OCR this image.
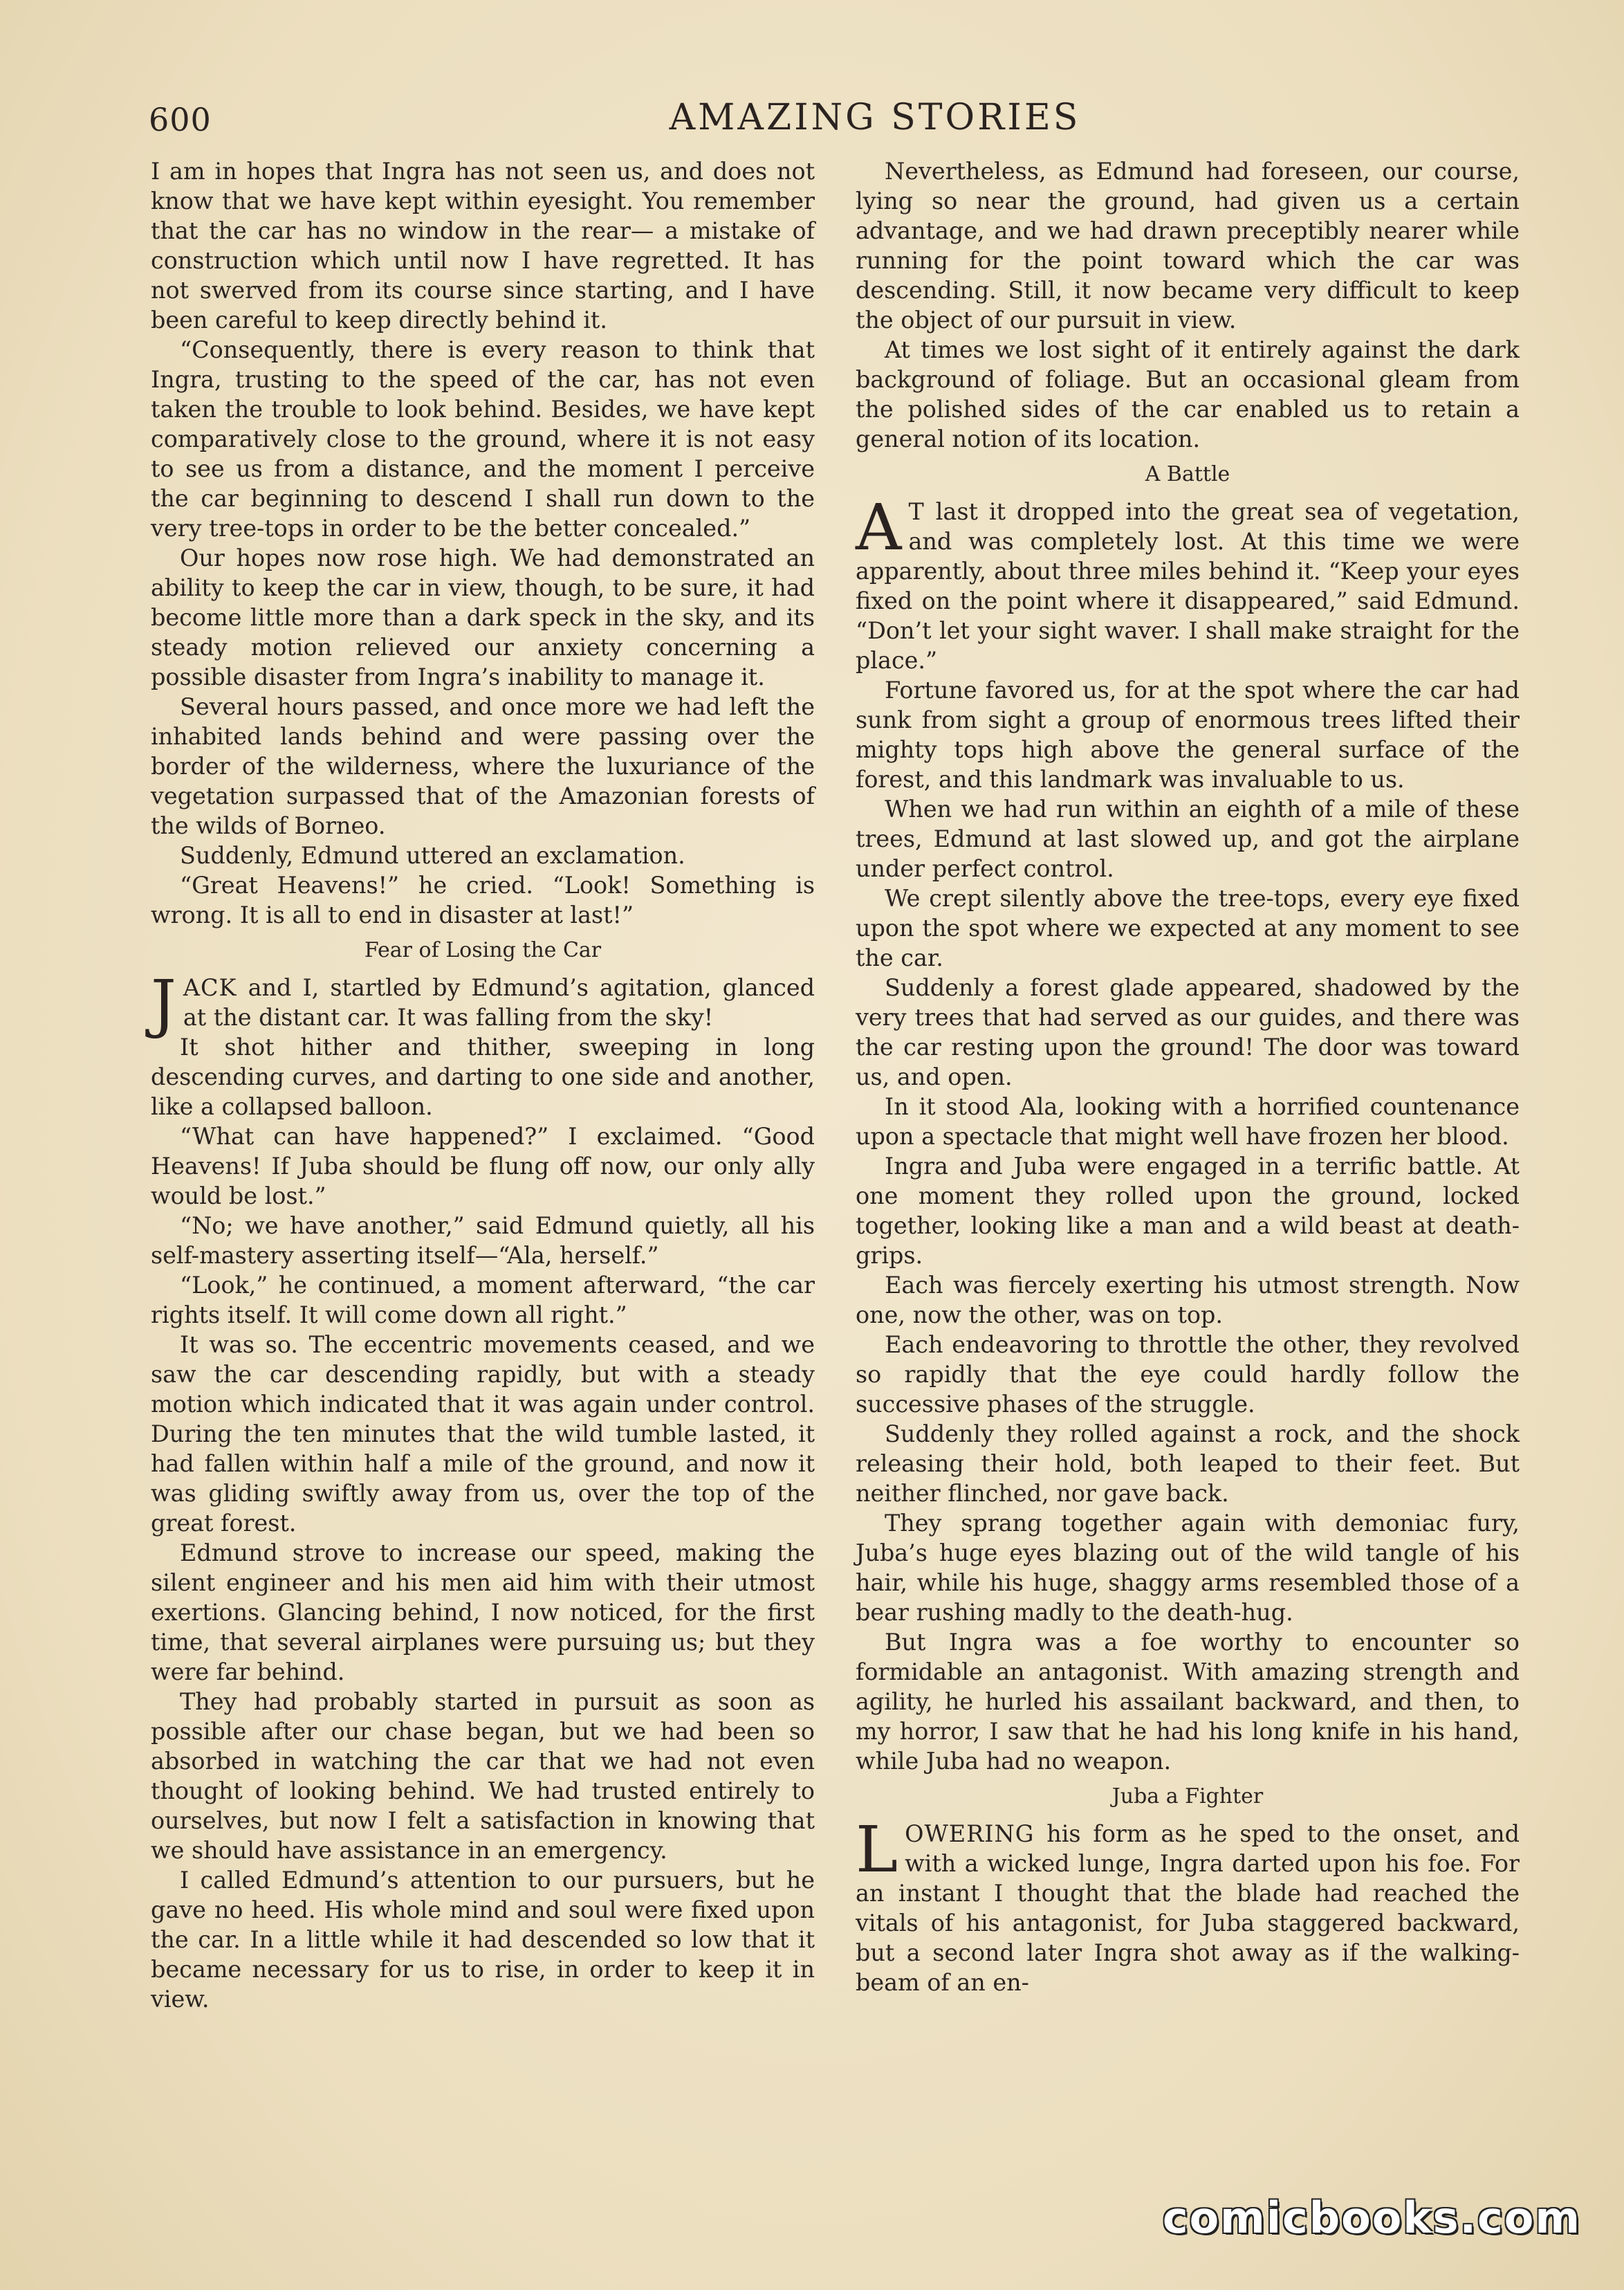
600	AMAZING STORIES

I am in hopes that Ingra has not seen us, and does not know that we have kept within eyesight. You remember that the car has no window in the rear— a mistake of construction which until now I have regretted. It has not swerved from its course since starting, and I have been careful to keep directly behind it.

“Consequently, there is every reason to think that Ingra, trusting to the speed of the car, has not even taken the trouble to look behind. Besides, we have kept comparatively close to the ground, where it is not easy to see us from a distance, and the moment I perceive the car beginning to descend I shall run down to the very tree-tops in order to be the better concealed.”

Our hopes now rose high. We had demonstrated an ability to keep the car in view, though, to be sure, it had become little more than a dark speck in the sky, and its steady motion relieved our anxiety concerning a possible disaster from Ingra’s inability to manage it.

Several hours passed, and once more we had left the inhabited lands behind and were passing over the border of the wilderness, where the luxuriance of the vegetation surpassed that of the Amazonian forests of the wilds of Borneo.

Suddenly, Edmund uttered an exclamation.

“Great Heavens!” he cried. “Look! Something is wrong. It is all to end in disaster at last!”

Fear of Losing the Car

JACK and I, startled by Edmund’s agitation, glanced at the distant car. It was falling from the sky!

It shot hither and thither, sweeping in long descending curves, and darting to one side and another, like a collapsed balloon.

“What can have happened?” I exclaimed. “Good Heavens! If Juba should be flung off now, our only ally would be lost.”

“No; we have another,” said Edmund quietly, all his self-mastery asserting itself—“Ala, herself.”

“Look,” he continued, a moment afterward, “the car rights itself. It will come down all right.”

It was so. The eccentric movements ceased, and we saw the car descending rapidly, but with a steady motion which indicated that it was again under control. During the ten minutes that the wild tumble lasted, it had fallen within half a mile of the ground, and now it was gliding swiftly away from us, over the top of the great forest.

Edmund strove to increase our speed, making the silent engineer and his men aid him with their utmost exertions. Glancing behind, I now noticed, for the first time, that several airplanes were pursuing us; but they were far behind.

They had probably started in pursuit as soon as possible after our chase began, but we had been so absorbed in watching the car that we had not even thought of looking behind. We had trusted entirely to ourselves, but now I felt a satisfaction in knowing that we should have assistance in an emergency.

I called Edmund’s attention to our pursuers, but he gave no heed. His whole mind and soul were fixed upon the car. In a little while it had descended so low that it became necessary for us to rise, in order to keep it in view.

Nevertheless, as Edmund had foreseen, our course, lying so near the ground, had given us a certain advantage, and we had drawn preceptibly nearer while running for the point toward which the car was descending. Still, it now became very difficult to keep the object of our pursuit in view.

At times we lost sight of it entirely against the dark background of foliage. But an occasional gleam from the polished sides of the car enabled us to retain a general notion of its location.

A Battle

A T last it dropped into the great sea of vegetation, and was completely lost. At this time we were apparently, about three miles behind it. “Keep your eyes fixed on the point where it disappeared,” said Edmund. “Don’t let your sight waver. I shall make straight for the place.”

Fortune favored us, for at the spot where the car had sunk from sight a group of enormous trees lifted their mighty tops high above the general surface of the forest, and this landmark was invaluable to us.

When we had run within an eighth of a mile of these trees, Edmund at last slowed up, and got the airplane under perfect control.

We crept silently above the tree-tops, every eye fixed upon the spot where we expected at any moment to see the car.

Suddenly a forest glade appeared, shadowed by the very trees that had served as our guides, and there was the car resting upon the ground! The door was toward us, and open.

In it stood Ala, looking with a horrified countenance upon a spectacle that might well have frozen her blood.

Ingra and Juba were engaged in a terrific battle. At one moment they rolled upon the ground, locked together, looking like a man and a wild beast at death-grips.

Each was fiercely exerting his utmost strength. Now one, now the other, was on top.

Each endeavoring to throttle the other, they revolved so rapidly that the eye could hardly follow the successive phases of the struggle.

Suddenly they rolled against a rock, and the shock releasing their hold, both leaped to their feet. But neither flinched, nor gave back.

They sprang together again with demoniac fury, Juba’s huge eyes blazing out of the wild tangle of his hair, while his huge, shaggy arms resembled those of a bear rushing madly to the death-hug.

But Ingra was a foe worthy to encounter so formidable an antagonist. With amazing strength and agility, he hurled his assailant backward, and then, to my horror, I saw that he had his long knife in his hand, while Juba had no weapon.

Juba a Fighter

LOWERING his form as he sped to the onset, and with a wicked lunge, Ingra darted upon his foe. For an instant I thought that the blade had reached the vitals of his antagonist, for Juba staggered backward, but a second later Ingra shot away as if the walking-beam of an en-

comicbooks.com
